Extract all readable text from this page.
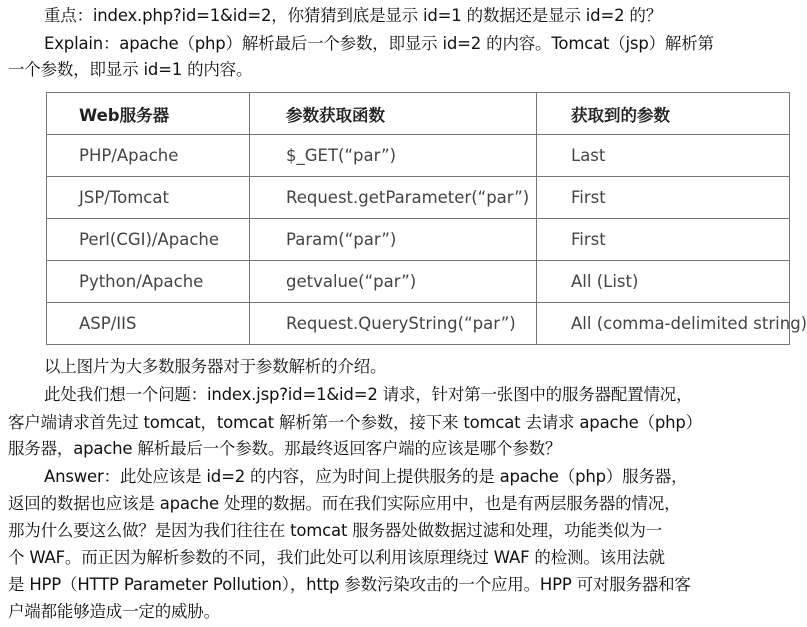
重点：index.php?id=1&id=2，你猜猜到底是显示 id=1 的数据还是显示 id=2 的？
Explain：apache（php）解析最后一个参数，即显示 id=2 的内容。Tomcat（jsp）解析第
一个参数，即显示 id=1 的内容。
Web服务器	参数获取函数	获取到的参数
PHP/Apache	$_GET(“par”)	Last
JSP/Tomcat	Request.getParameter(“par”)	First
Perl(CGI)/Apache	Param(“par”)	First
Python/Apache	getvalue(“par”)	All (List)
ASP/IIS	Request.QueryString(“par”)	All (comma-delimited string)
以上图片为大多数服务器对于参数解析的介绍。
此处我们想一个问题：index.jsp?id=1&id=2 请求，针对第一张图中的服务器配置情况，
客户端请求首先过 tomcat，tomcat 解析第一个参数，接下来 tomcat 去请求 apache（php）
服务器，apache 解析最后一个参数。那最终返回客户端的应该是哪个参数？
Answer：此处应该是 id=2 的内容，应为时间上提供服务的是 apache（php）服务器，
返回的数据也应该是 apache 处理的数据。而在我们实际应用中，也是有两层服务器的情况，
那为什么要这么做？是因为我们往往在 tomcat 服务器处做数据过滤和处理，功能类似为一
个 WAF。而正因为解析参数的不同，我们此处可以利用该原理绕过 WAF 的检测。该用法就
是 HPP（HTTP Parameter Pollution），http 参数污染攻击的一个应用。HPP 可对服务器和客
户端都能够造成一定的威胁。
